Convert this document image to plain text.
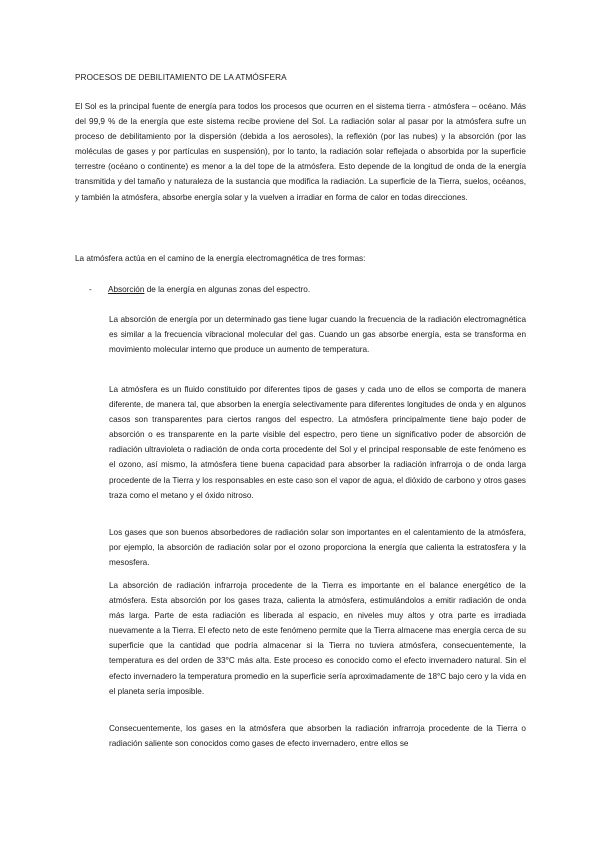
PROCESOS DE DEBILITAMIENTO DE LA ATMÓSFERA

El Sol es la principal fuente de energía para todos los procesos que ocurren en el sistema tierra - atmósfera – océano. Más del 99,9 % de la energía que este sistema recibe proviene del Sol. La radiación solar al pasar por la atmósfera sufre un proceso de debilitamiento por la dispersión (debida a los aerosoles), la reflexión (por las nubes) y la absorción (por las moléculas de gases y por partículas en suspensión), por lo tanto, la radiación solar reflejada o absorbida por la superficie terrestre (océano o continente) es menor a la del tope de la atmósfera. Esto depende de la longitud de onda de la energía transmitida y del tamaño y naturaleza de la sustancia que modifica la radiación. La superficie de la Tierra, suelos, océanos, y también la atmósfera, absorbe energía solar y la vuelven a irradiar en forma de calor en todas direcciones.

La atmósfera actúa en el camino de la energía electromagnética de tres formas:

- Absorción de la energía en algunas zonas del espectro.

La absorción de energía por un determinado gas tiene lugar cuando la frecuencia de la radiación electromagnética es similar a la frecuencia vibracional molecular del gas. Cuando un gas absorbe energía, esta se transforma en movimiento molecular interno que produce un aumento de temperatura.

La atmósfera es un fluido constituido por diferentes tipos de gases y cada uno de ellos se comporta de manera diferente, de manera tal, que absorben la energía selectivamente para diferentes longitudes de onda y en algunos casos son transparentes para ciertos rangos del espectro. La atmósfera principalmente tiene bajo poder de absorción o es transparente en la parte visible del espectro, pero tiene un significativo poder de absorción de radiación ultravioleta o radiación de onda corta procedente del Sol y el principal responsable de este fenómeno es el ozono, así mismo, la atmósfera tiene buena capacidad para absorber la radiación infrarroja o de onda larga procedente de la Tierra y los responsables en este caso son el vapor de agua, el dióxido de carbono y otros gases traza como el metano y el óxido nitroso.

Los gases que son buenos absorbedores de radiación solar son importantes en el calentamiento de la atmósfera, por ejemplo, la absorción de radiación solar por el ozono proporciona la energía que calienta la estratosfera y la mesosfera.

La absorción de radiación infrarroja procedente de la Tierra es importante en el balance energético de la atmósfera. Esta absorción por los gases traza, calienta la atmósfera, estimulándolos a emitir radiación de onda más larga. Parte de esta radiación es liberada al espacio, en niveles muy altos y otra parte es irradiada nuevamente a la Tierra. El efecto neto de este fenómeno permite que la Tierra almacene mas energía cerca de su superficie que la cantidad que podría almacenar si la Tierra no tuviera atmósfera, consecuentemente, la temperatura es del orden de 33°C más alta. Este proceso es conocido como el efecto invernadero natural. Sin el efecto invernadero la temperatura promedio en la superficie sería aproximadamente de 18°C bajo cero y la vida en el planeta sería imposible.

Consecuentemente, los gases en la atmósfera que absorben la radiación infrarroja procedente de la Tierra o radiación saliente son conocidos como gases de efecto invernadero, entre ellos se
